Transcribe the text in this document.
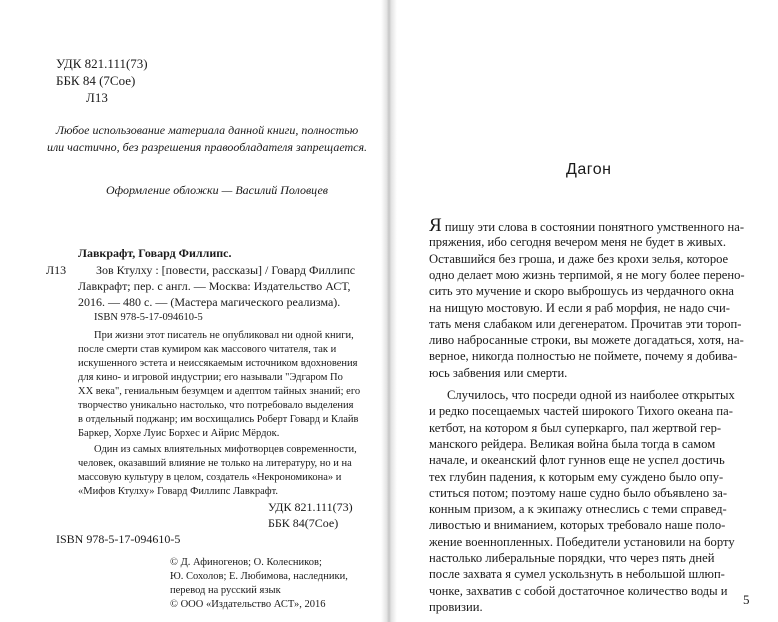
УДК 821.111(73)
ББК 84 (7Сое)
Л13
Любое использование материала данной книги, полностью
или частично, без разрешения правообладателя запрещается.
Оформление обложки — Василий Половцев
Лавкрафт, Говард Филлипс.
Л13 Зов Ктулху : [повести, рассказы] / Говард Филлипс
Лавкрафт; пер. с англ. — Москва: Издательство АСТ,
2016. — 480 с. — (Мастера магического реализма).
ISBN 978-5-17-094610-5
При жизни этот писатель не опубликовал ни одной книги,
после смерти став кумиром как массового читателя, так и
искушенного эстета и неиссякаемым источником вдохновения
для кино- и игровой индустрии; его называли "Эдгаром По
XX века", гениальным безумцем и адептом тайных знаний; его
творчество уникально настолько, что потребовало выделения
в отдельный поджанр; им восхищались Роберт Говард и Клайв
Баркер, Хорхе Луис Борхес и Айрис Мёрдок.
Один из самых влиятельных мифотворцев современности,
человек, оказавший влияние не только на литературу, но и на
массовую культуру в целом, создатель «Некрономикона» и
«Мифов Ктулху» Говард Филлипс Лавкрафт.
УДК 821.111(73)
ББК 84(7Сое)
ISBN 978-5-17-094610-5
© Д. Афиногенов; О. Колесников;
Ю. Сохолов; Е. Любимова, наследники,
перевод на русский язык
© ООО «Издательство АСТ», 2016
Дагон
Я пишу эти слова в состоянии понятного умственного на-
пряжения, ибо сегодня вечером меня не будет в живых.
Оставшийся без гроша, и даже без крохи зелья, которое
одно делает мою жизнь терпимой, я не могу более перено-
сить это мучение и скоро выброшусь из чердачного окна
на нищую мостовую. И если я раб морфия, не надо счи-
тать меня слабаком или дегенератом. Прочитав эти тороп-
ливо набросанные строки, вы можете догадаться, хотя, на-
верное, никогда полностью не поймете, почему я добива-
юсь забвения или смерти.
Случилось, что посреди одной из наиболее открытых
и редко посещаемых частей широкого Тихого океана па-
кетбот, на котором я был суперкарго, пал жертвой гер-
манского рейдера. Великая война была тогда в самом
начале, и океанский флот гуннов еще не успел достичь
тех глубин падения, к которым ему суждено было опу-
ститься потом; поэтому наше судно было объявлено за-
конным призом, а к экипажу отнеслись с теми справед-
ливостью и вниманием, которых требовало наше поло-
жение военнопленных. Победители установили на борту
5
настолько либеральные порядки, что через пять дней
после захвата я сумел ускользнуть в небольшой шлюп-
чонке, захватив с собой достаточное количество воды и
провизии.
